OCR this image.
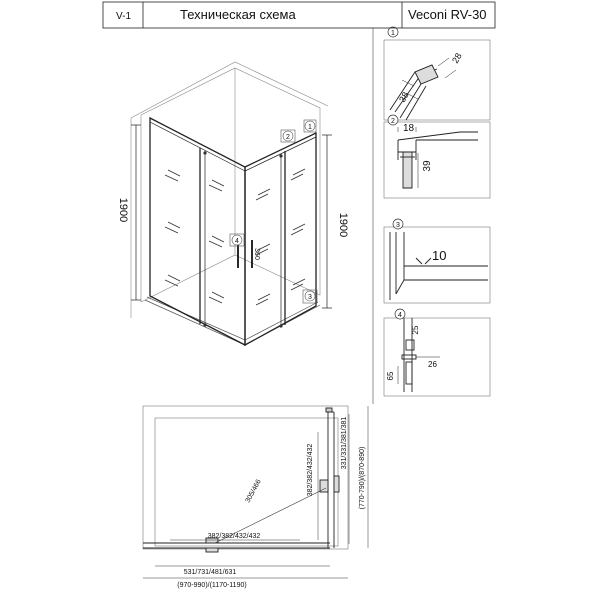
V-1	Техническая схема	Veconi RV-30
1900
1900
360
1
2
3
4
1
28
38
2
18
39
3
10
4
25
26
65
305/466	382/382/432/432
331/331/381/381
(770-790)/(870-890)
382/382/432/432
531/731/481/631
(970-990)/(1170-1190)
